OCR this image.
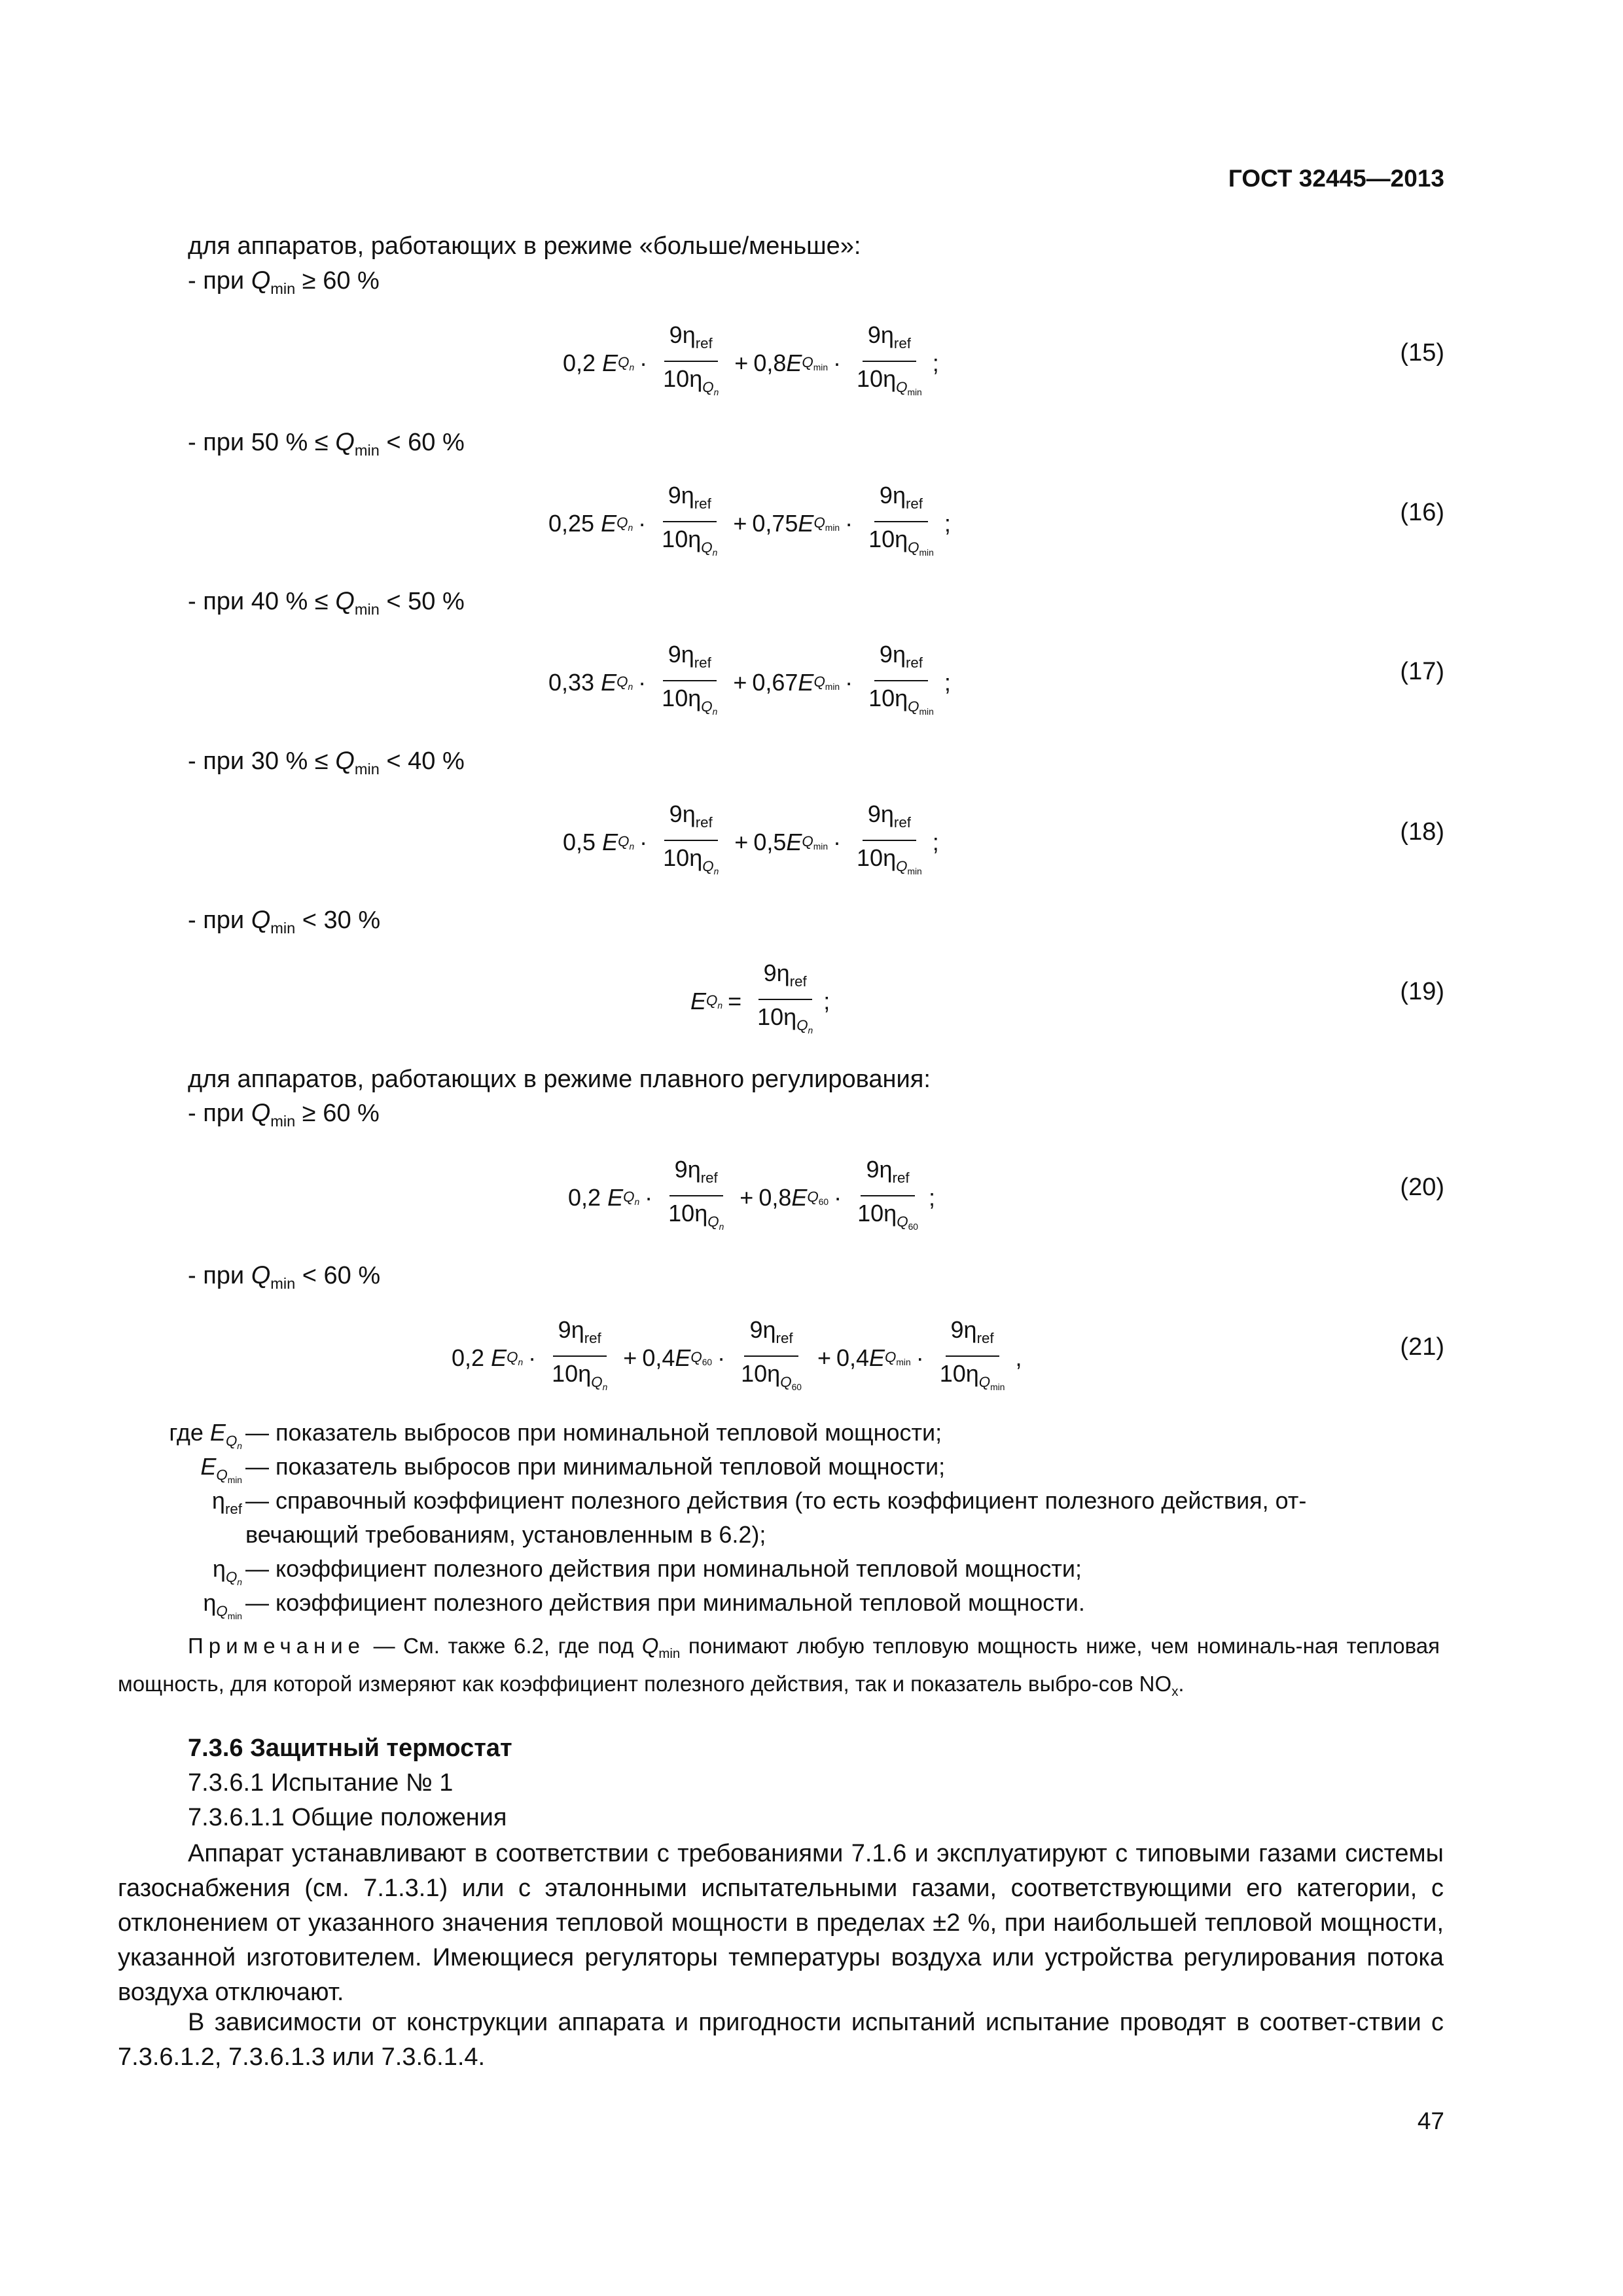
ГОСТ 32445—2013
для аппаратов, работающих в режиме «больше/меньше»:
- при $Q_{min} \ge 60$ %
0,2
E $Q_n \cdot \frac{9\eta_{ref}}{10\eta_{Q_n}} + 0,8$ E $Q_{min} \cdot \frac{9\eta_{ref}}{10\eta_{Q_{min}}}$ ;	(15)
- при 50 % ≤ $Q_{min} < 60$ %
0,25
E $Q_n \cdot \frac{9\eta_{ref}}{10\eta_{Q_n}} + 0,75$ E $Q_{min} \cdot \frac{9\eta_{ref}}{10\eta_{Q_{min}}}$ ;	(16)
- при 40 % ≤ $Q_{min} < 50$ %
0,33
E $Q_n \cdot \frac{9\eta_{ref}}{10\eta_{Q_n}} + 0,67$ E $Q_{min} \cdot \frac{9\eta_{ref}}{10\eta_{Q_{min}}}$ ;	(17)
- при 30 % ≤ $Q_{min} < 40$ %
0,5
E $Q_n \cdot \frac{9\eta_{ref}}{10\eta_{Q_n}} + 0,5$ E $Q_{min} \cdot \frac{9\eta_{ref}}{10\eta_{Q_{min}}}$ ;	(18)
- при $Q_{min} < 30$ %
E $Q_n = \frac{9\eta_{ref}}{10\eta_{Q_n}}$ ;	(19)
для аппаратов, работающих в режиме плавного регулирования:
- при $Q_{min} \ge 60$ %
0,2
E $Q_n \cdot \frac{9\eta_{ref}}{10\eta_{Q_n}} + 0,8$ E $Q_{60} \cdot \frac{9\eta_{ref}}{10\eta_{Q_{60}}}$ ;	(20)
- при $Q_{min} < 60$ %
0,2
E $Q_n \cdot \frac{9\eta_{ref}}{10\eta_{Q_n}} + 0,4$ E $Q_{60} \cdot \frac{9\eta_{ref}}{10\eta_{Q_{60}}} + 0,4$ E $Q_{min} \cdot \frac{9\eta_{ref}}{10\eta_{Q_{min}}}$ ,	(21)
где $E_{Q_n}$ — показатель выбросов при номинальной тепловой мощности;
$E_{Q_{min}}$ — показатель выбросов при минимальной тепловой мощности;
$\eta_{ref}$ — справочный коэффициент полезного действия (то есть коэффициент полезного действия, от-
вечающий требованиям, установленным в 6.2);
$\eta_{Q_n}$ — коэффициент полезного действия при номинальной тепловой мощности;
$\eta_{Q_{min}}$ — коэффициент полезного действия при минимальной тепловой мощности.
Примечание — См. также 6.2, где под $Q_{min}$ понимают любую тепловую мощность ниже, чем номиналь-ная тепловая мощность, для которой измеряют как коэффициент полезного действия, так и показатель выбро-сов $NO_x$.
7.3.6 Защитный термостат
7.3.6.1 Испытание № 1
7.3.6.1.1 Общие положения
Аппарат устанавливают в соответствии с требованиями 7.1.6 и эксплуатируют с типовыми газами системы газоснабжения (см. 7.1.3.1) или с эталонными испытательными газами, соответствующими его категории, с отклонением от указанного значения тепловой мощности в пределах ±2 %, при наибольшей тепловой мощности, указанной изготовителем. Имеющиеся регуляторы температуры воздуха или устройства регулирования потока воздуха отключают.
В зависимости от конструкции аппарата и пригодности испытаний испытание проводят в соответ-ствии с 7.3.6.1.2, 7.3.6.1.3 или 7.3.6.1.4.
47
